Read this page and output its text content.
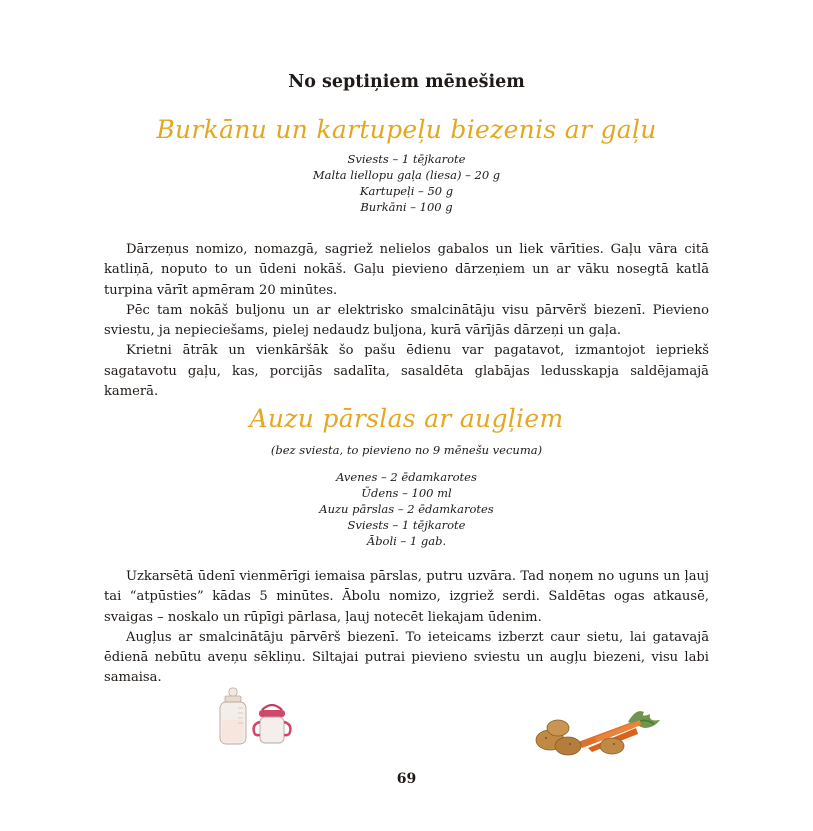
No septiņiem mēnešiem
Burkānu un kartupeļu biezenis ar gaļu
Sviests – 1 tējkarote
Malta liellopu gaļa (liesa) – 20 g
Kartupeļi – 50 g
Burkāni – 100 g

Dārzeņus nomizo, nomazgā, sagriež nelielos gabalos un liek vārīties. Gaļu vāra citā katliņā, noputo to un ūdeni nokāš. Gaļu pievieno dārzeņiem un ar vāku nosegtā katlā turpina vārīt apmēram 20 minūtes.

Pēc tam nokāš buljonu un ar elektrisko smalcinātāju visu pārvērš biezenī. Pievieno sviestu, ja nepieciešams, pielej nedaudz buljona, kurā vārījās dārzeņi un gaļa.

Krietni ātrāk un vienkāršāk šo pašu ēdienu var pagatavot, izmantojot iepriekš sagatavotu gaļu, kas, porcijās sadalīta, sasaldēta glabājas ledusskapja saldējamajā kamerā.

Auzu pārslas ar augļiem
(bez sviesta, to pievieno no 9 mēnešu vecuma)
Avenes – 2 ēdamkarotes
Ūdens – 100 ml
Auzu pārslas – 2 ēdamkarotes
Sviests – 1 tējkarote
Āboli – 1 gab.

Uzkarsētā ūdenī vienmērīgi iemaisa pārslas, putru uzvāra. Tad noņem no uguns un ļauj tai “atpūsties” kādas 5 minūtes. Ābolu nomizo, izgriež serdi. Saldētas ogas atkausē, svaigas – noskalo un rūpīgi pārlasa, ļauj notecēt liekajam ūdenim.

Augļus ar smalcinātāju pārvērš biezenī. To ieteicams izberzt caur sietu, lai gatavajā ēdienā nebūtu aveņu sēkliņu. Siltajai putrai pievieno sviestu un augļu biezeni, visu labi samaisa.

69
